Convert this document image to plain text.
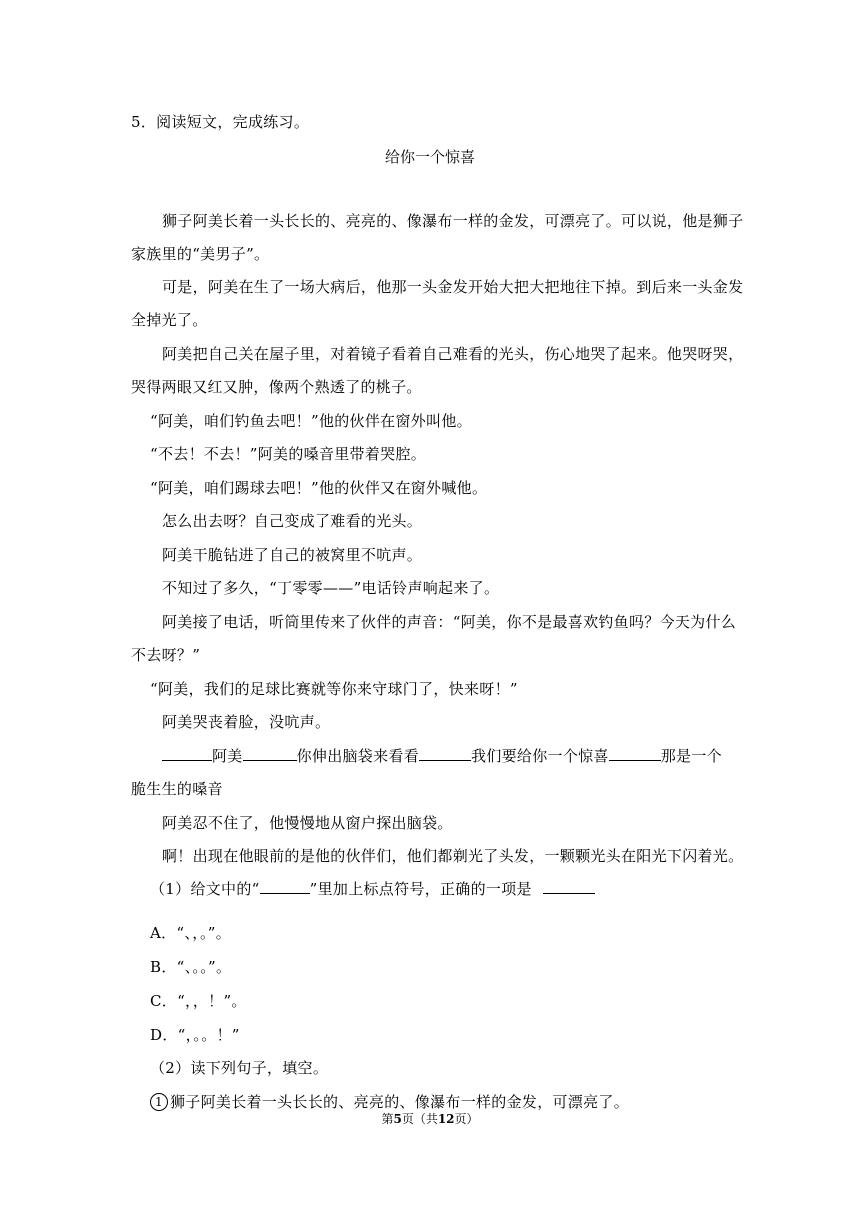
5．阅读短文，完成练习。
给你一个惊喜
狮子阿美长着一头长长的、亮亮的、像瀑布一样的金发，可漂亮了。可以说，他是狮子
家族里的“美男子”。
可是，阿美在生了一场大病后，他那一头金发开始大把大把地往下掉。到后来一头金发
全掉光了。
阿美把自己关在屋子里，对着镜子看着自己难看的光头，伤心地哭了起来。他哭呀哭，
哭得两眼又红又肿，像两个熟透了的桃子。
“阿美，咱们钓鱼去吧！”他的伙伴在窗外叫他。
“不去！不去！”阿美的嗓音里带着哭腔。
“阿美，咱们踢球去吧！”他的伙伴又在窗外喊他。
怎么出去呀？自己变成了难看的光头。
阿美干脆钻进了自己的被窝里不吭声。
不知过了多久，“丁零零——”电话铃声响起来了。
阿美接了电话，听筒里传来了伙伴的声音：“阿美，你不是最喜欢钓鱼吗？今天为什么
不去呀？”
“阿美，我们的足球比赛就等你来守球门了，快来呀！”
阿美哭丧着脸，没吭声。
阿美	你伸出脑袋来看看	我们要给你一个惊喜	那是一个
脆生生的嗓音
阿美忍不住了，他慢慢地从窗户探出脑袋。
啊！出现在他眼前的是他的伙伴们，他们都剃光了头发，一颗颗光头在阳光下闪着光。
（1）给文中的“	”里加上标点符号，正确的一项是
A．“、，。”。
B．“、。。”。
C．“，，！”。
D．“，。。！”
（2）读下列句子，填空。
1 狮子阿美长着一头长长的、亮亮的、像瀑布一样的金发，可漂亮了。
第5页（共12页）
